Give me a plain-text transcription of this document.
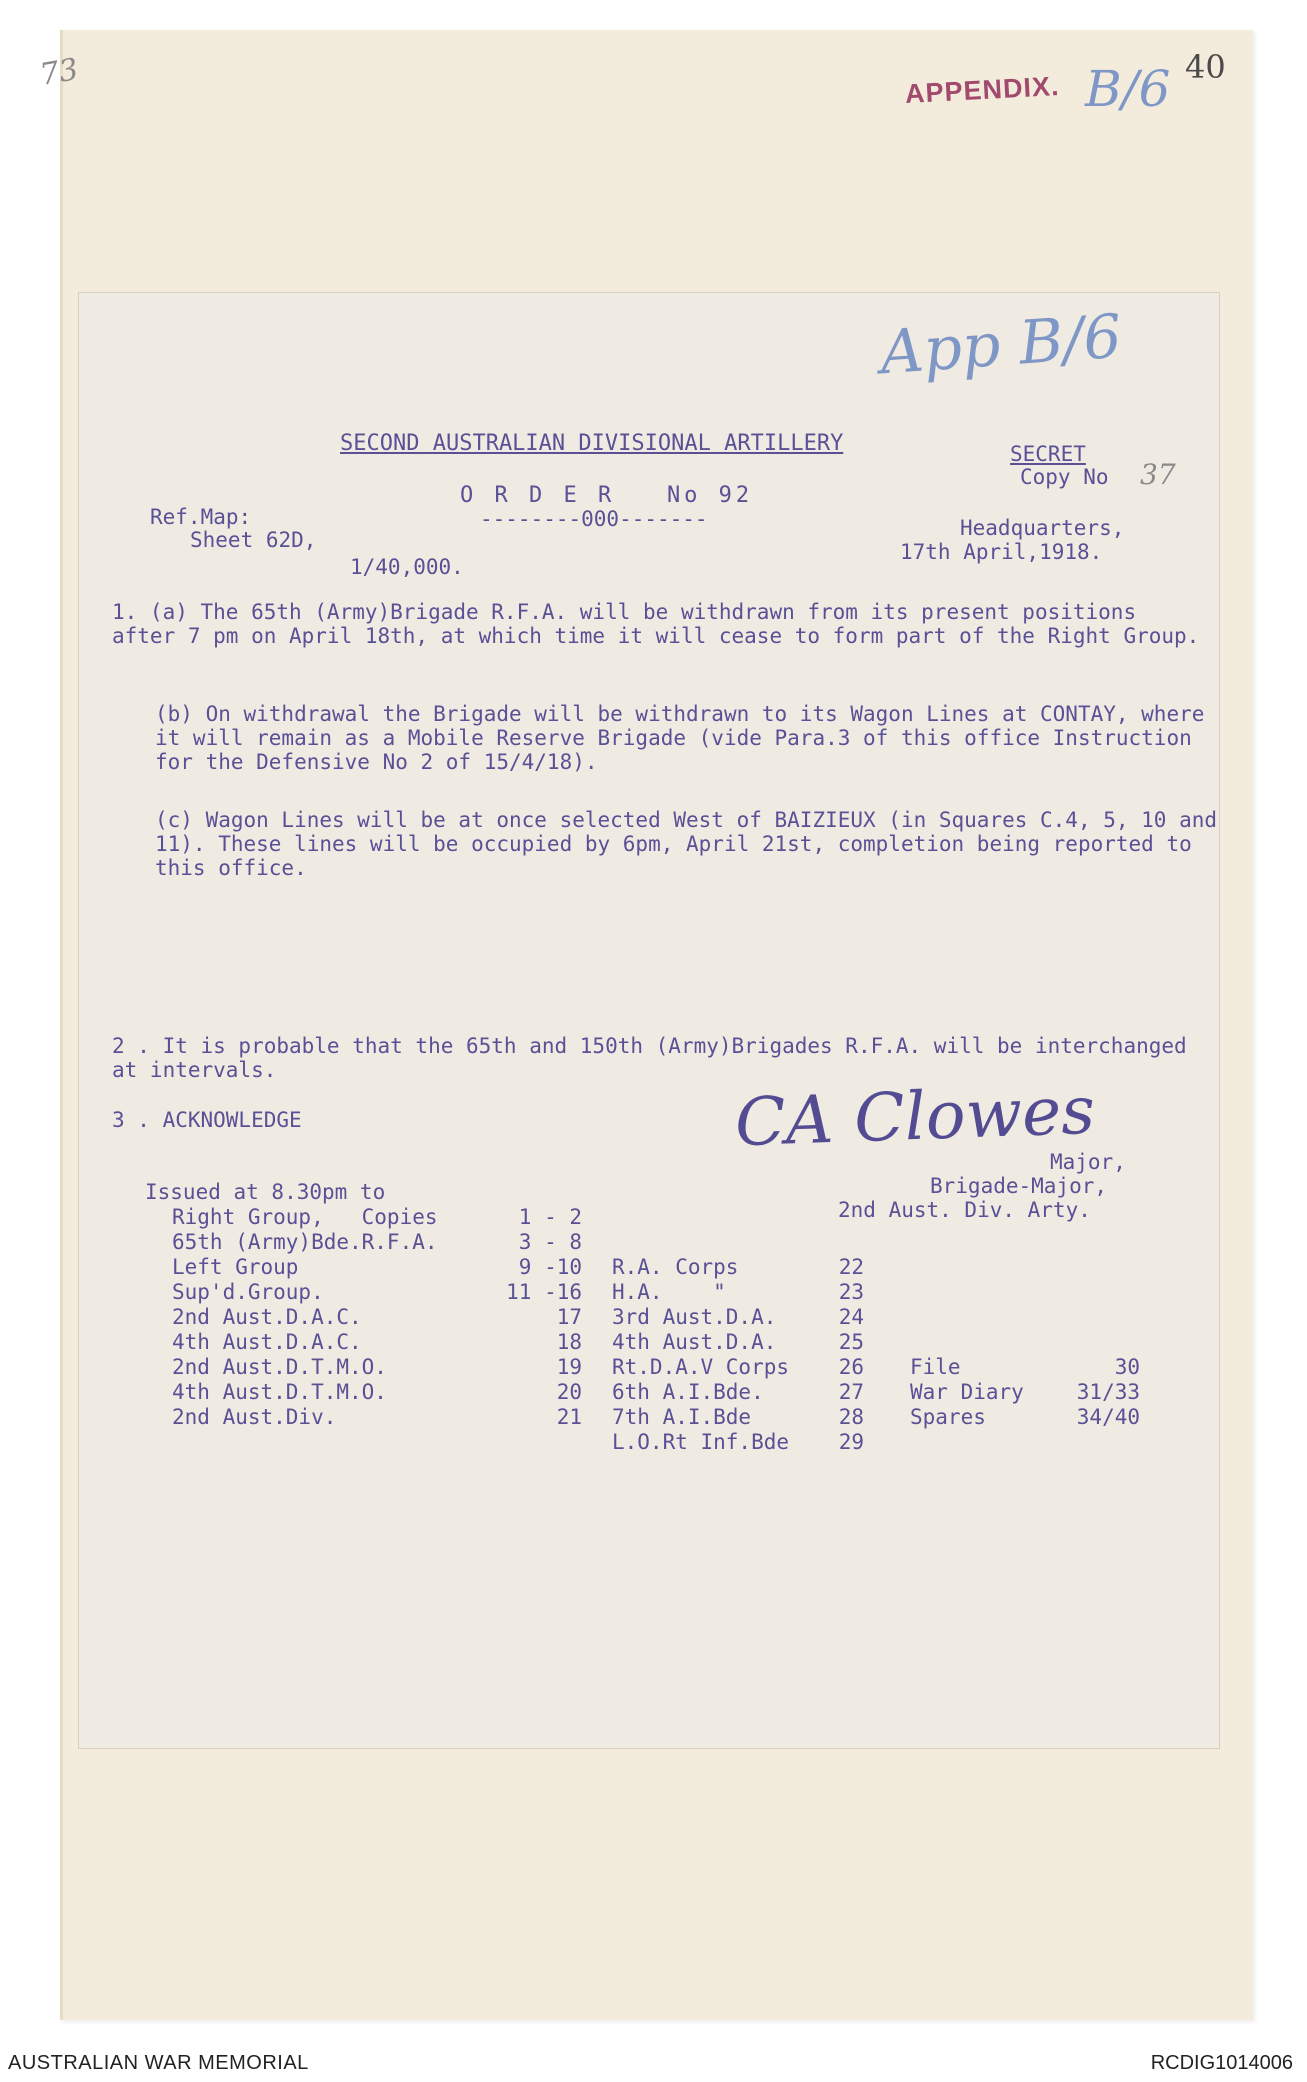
73	APPENDIX. B/6 40
App B/6
SECOND AUSTRALIAN DIVISIONAL ARTILLERY	SECRET
Copy No 37
O R D E R   No 92
--------000-------
Ref.Map:
Sheet 62D,
1/40,000.
Headquarters,
17th April,1918.
1. (a) The 65th (Army)Brigade R.F.A. will be withdrawn from its present positions after 7 pm on April 18th, at which time it will cease to form part of the Right Group.
(b) On withdrawal the Brigade will be withdrawn to its Wagon Lines at CONTAY, where it will remain as a Mobile Reserve Brigade (vide Para.3 of this office Instruction for the Defensive No 2 of 15/4/18).
(c) Wagon Lines will be at once selected West of BAIZIEUX (in Squares C.4, 5, 10 and 11). These lines will be occupied by 6pm, April 21st, completion being reported to this office.
2 . It is probable that the 65th and 150th (Army)Brigades R.F.A. will be interchanged at intervals.
3 . ACKNOWLEDGE	CA Clowes
Major,
Brigade-Major,
2nd Aust. Div. Arty.
Issued at 8.30pm to
Right Group,   Copies	1 - 2
65th (Army)Bde.R.F.A.	3 - 8
Left Group	9 -10
Sup'd.Group.	11 -16
2nd Aust.D.A.C.	17
4th Aust.D.A.C.	18
2nd Aust.D.T.M.O.	19
4th Aust.D.T.M.O.	20
2nd Aust.Div.	21
R.A. Corps	22
H.A.    "	23
3rd Aust.D.A.	24
4th Aust.D.A.	25
Rt.D.A.V Corps 26
6th A.I.Bde.	27
7th A.I.Bde	28
L.O.Rt Inf.Bde 29
File	30
War Diary	31/33
Spares	34/40
AUSTRALIAN WAR MEMORIAL	RCDIG1014006
